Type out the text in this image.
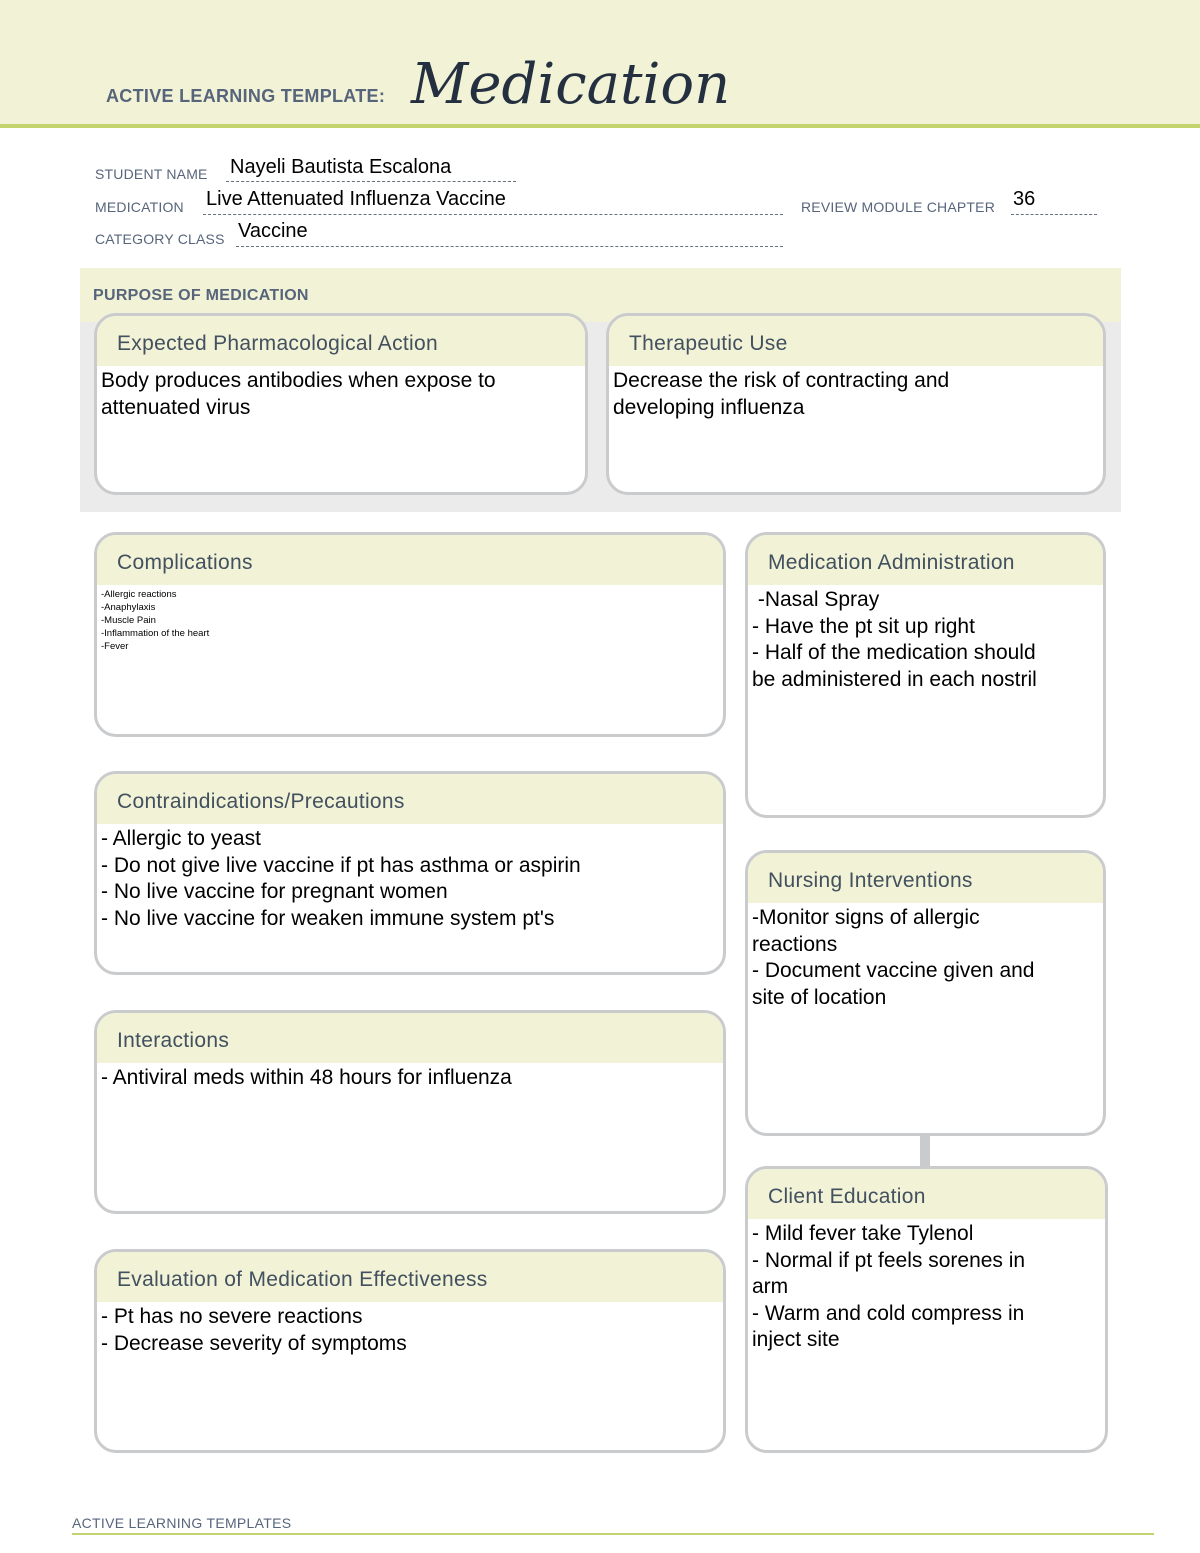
ACTIVE LEARNING TEMPLATE: Medication
STUDENT NAME Nayeli Bautista Escalona
MEDICATION Live Attenuated Influenza Vaccine	REVIEW MODULE CHAPTER 36
CATEGORY CLASS Vaccine
PURPOSE OF MEDICATION
Expected Pharmacological Action
Body produces antibodies when expose to
attenuated virus
Therapeutic Use
Decrease the risk of contracting and
developing influenza
Complications
-Allergic reactions
-Anaphylaxis
-Muscle Pain
-Inflammation of the heart
-Fever
Medication Administration
-Nasal Spray
- Have the pt sit up right
- Half of the medication should
be administered in each nostril
Contraindications/Precautions
- Allergic to yeast
- Do not give live vaccine if pt has asthma or aspirin
- No live vaccine for pregnant women
- No live vaccine for weaken immune system pt's
Nursing Interventions
-Monitor signs of allergic
reactions
- Document vaccine given and
site of location
Interactions
- Antiviral meds within 48 hours for influenza
Client Education
- Mild fever take Tylenol
- Normal if pt feels sorenes in
arm
- Warm and cold compress in
inject site
Evaluation of Medication Effectiveness
- Pt has no severe reactions
- Decrease severity of symptoms
ACTIVE LEARNING TEMPLATES
